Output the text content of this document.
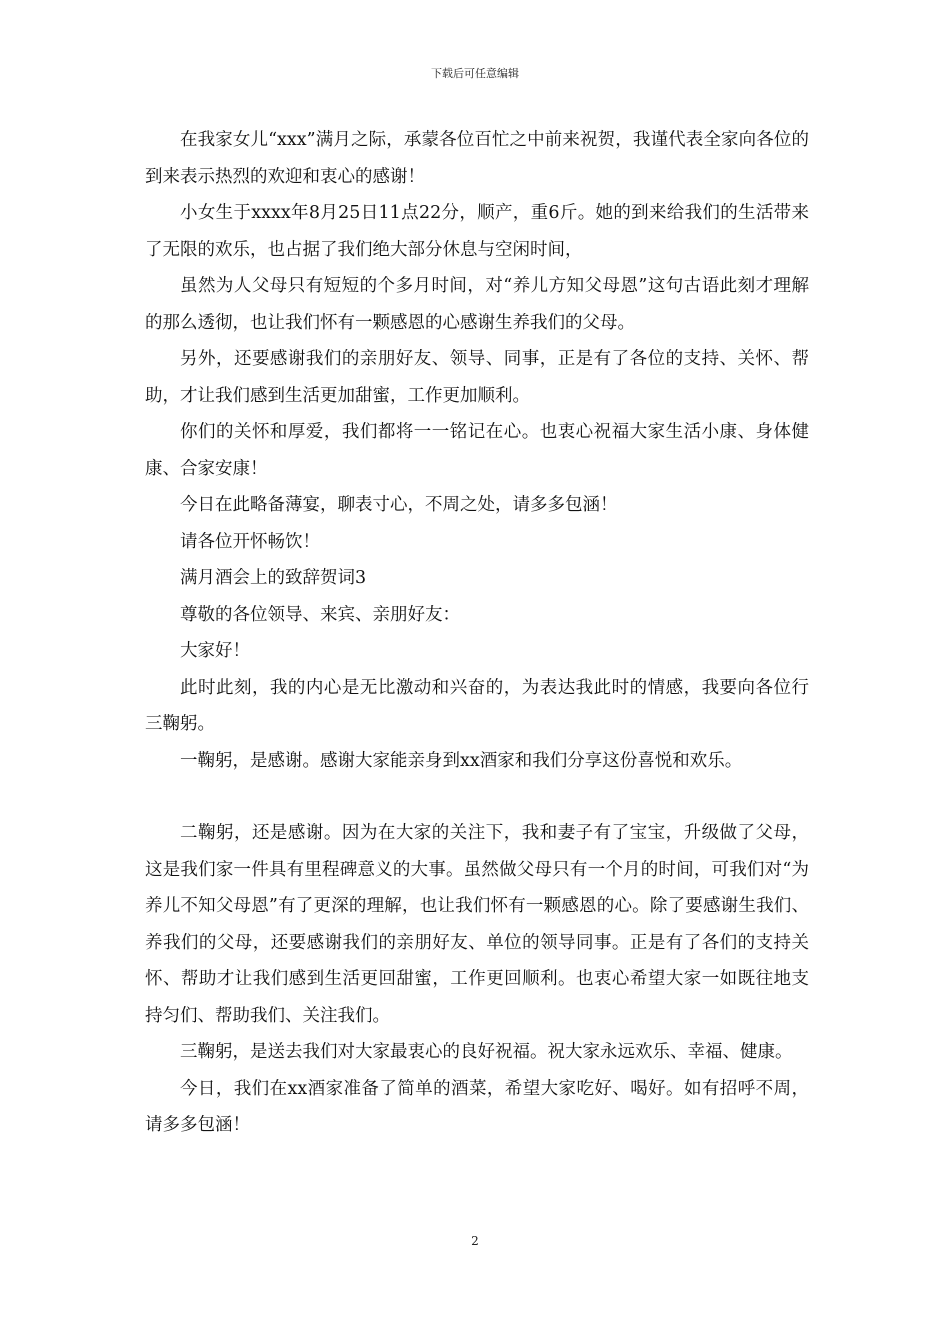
下载后可任意编辑

在我家女儿“xxx”满月之际，承蒙各位百忙之中前来祝贺，我谨代表全家向各位的到来表示热烈的欢迎和衷心的感谢！

小女生于xxxx年8月25日11点22分，顺产，重6斤。她的到来给我们的生活带来了无限的欢乐，也占据了我们绝大部分休息与空闲时间，

虽然为人父母只有短短的个多月时间，对“养儿方知父母恩”这句古语此刻才理解的那么透彻，也让我们怀有一颗感恩的心感谢生养我们的父母。

另外，还要感谢我们的亲朋好友、领导、同事，正是有了各位的支持、关怀、帮助，才让我们感到生活更加甜蜜，工作更加顺利。

你们的关怀和厚爱，我们都将一一铭记在心。也衷心祝福大家生活小康、身体健康、合家安康！

今日在此略备薄宴，聊表寸心，不周之处，请多多包涵！

请各位开怀畅饮！

满月酒会上的致辞贺词3

尊敬的各位领导、来宾、亲朋好友：

大家好！

此时此刻，我的内心是无比激动和兴奋的，为表达我此时的情感，我要向各位行三鞠躬。

一鞠躬，是感谢。感谢大家能亲身到xx酒家和我们分享这份喜悦和欢乐。

二鞠躬，还是感谢。因为在大家的关注下，我和妻子有了宝宝，升级做了父母，这是我们家一件具有里程碑意义的大事。虽然做父母只有一个月的时间，可我们对“为养儿不知父母恩”有了更深的理解，也让我们怀有一颗感恩的心。除了要感谢生我们、养我们的父母，还要感谢我们的亲朋好友、单位的领导同事。正是有了各们的支持关怀、帮助才让我们感到生活更回甜蜜，工作更回顺利。也衷心希望大家一如既往地支持匀们、帮助我们、关注我们。

三鞠躬，是送去我们对大家最衷心的良好祝福。祝大家永远欢乐、幸福、健康。

今日，我们在xx酒家准备了简单的酒菜，希望大家吃好、喝好。如有招呼不周，请多多包涵！

2
